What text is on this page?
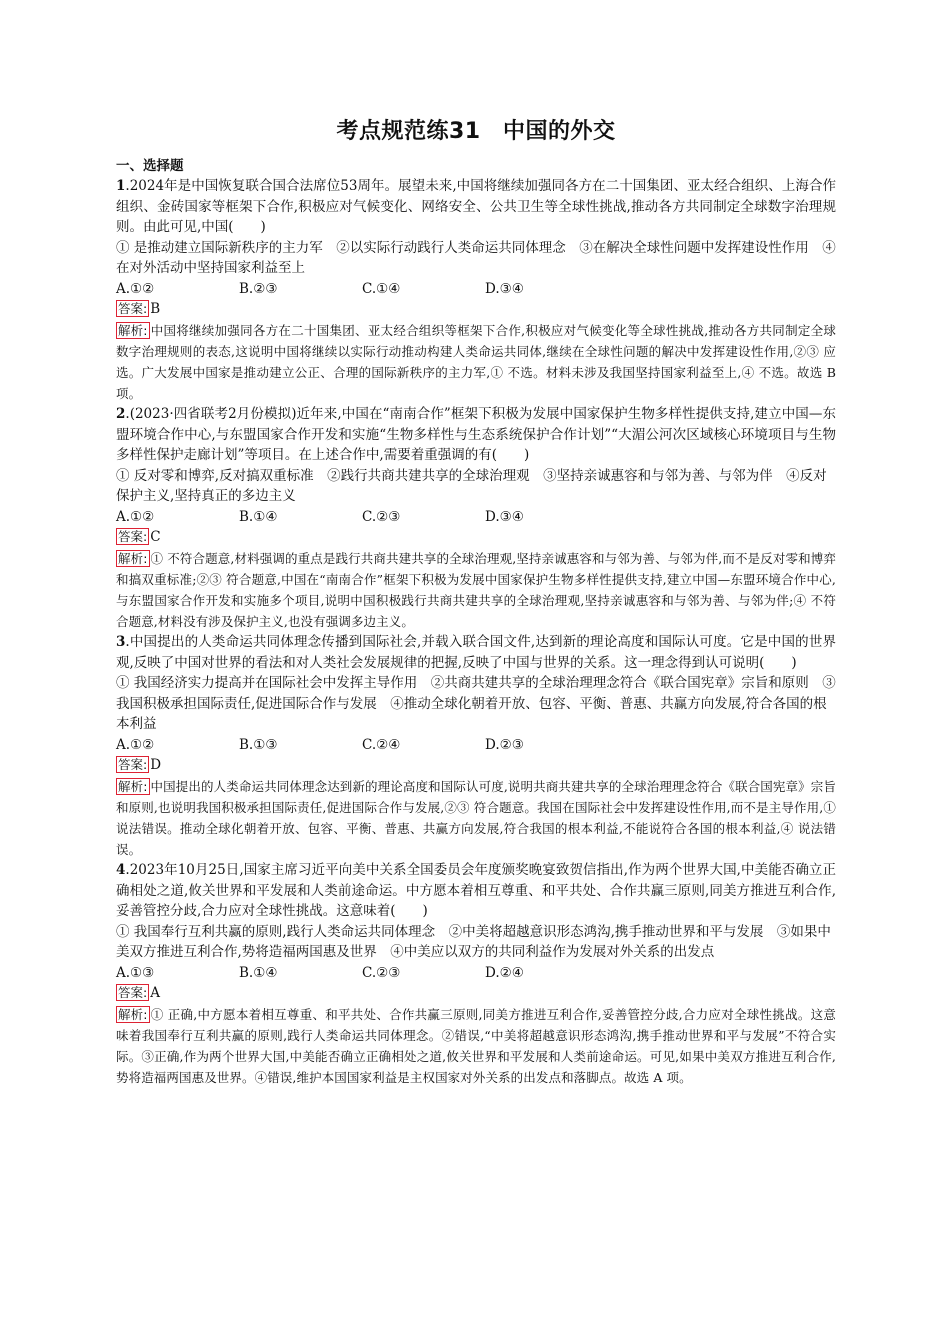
考点规范练31　中国的外交

一、选择题

1.2024年是中国恢复联合国合法席位53周年。展望未来,中国将继续加强同各方在二十国集团、亚太经合组织、上海合作组织、金砖国家等框架下合作,积极应对气候变化、网络安全、公共卫生等全球性挑战,推动各方共同制定全球数字治理规则。由此可见,中国(　　)

① 是推动建立国际新秩序的主力军　②以实际行动践行人类命运共同体理念　③在解决全球性问题中发挥建设性作用　④在对外活动中坚持国家利益至上

A.①②	B.②③	C.①④	D.③④

答案: B

解析: 中国将继续加强同各方在二十国集团、亚太经合组织等框架下合作,积极应对气候变化等全球性挑战,推动各方共同制定全球数字治理规则的表态,这说明中国将继续以实际行动推动构建人类命运共同体,继续在全球性问题的解决中发挥建设性作用,②③ 应选。广大发展中国家是推动建立公正、合理的国际新秩序的主力军,① 不选。材料未涉及我国坚持国家利益至上,④ 不选。故选 B 项。

2.(2023·四省联考2月份模拟)近年来,中国在“南南合作”框架下积极为发展中国家保护生物多样性提供支持,建立中国—东盟环境合作中心,与东盟国家合作开发和实施“生物多样性与生态系统保护合作计划”“大湄公河次区域核心环境项目与生物多样性保护走廊计划”等项目。在上述合作中,需要着重强调的有(　　)

① 反对零和博弈,反对搞双重标准　②践行共商共建共享的全球治理观　③坚持亲诚惠容和与邻为善、与邻为伴　④反对保护主义,坚持真正的多边主义

A.①②	B.①④	C.②③	D.③④

答案: C

解析: ① 不符合题意,材料强调的重点是践行共商共建共享的全球治理观,坚持亲诚惠容和与邻为善、与邻为伴,而不是反对零和博弈和搞双重标准;②③ 符合题意,中国在“南南合作”框架下积极为发展中国家保护生物多样性提供支持,建立中国—东盟环境合作中心,与东盟国家合作开发和实施多个项目,说明中国积极践行共商共建共享的全球治理观,坚持亲诚惠容和与邻为善、与邻为伴;④ 不符合题意,材料没有涉及保护主义,也没有强调多边主义。

3.中国提出的人类命运共同体理念传播到国际社会,并载入联合国文件,达到新的理论高度和国际认可度。它是中国的世界观,反映了中国对世界的看法和对人类社会发展规律的把握,反映了中国与世界的关系。这一理念得到认可说明(　　)

① 我国经济实力提高并在国际社会中发挥主导作用　②共商共建共享的全球治理理念符合《联合国宪章》宗旨和原则　③我国积极承担国际责任,促进国际合作与发展　④推动全球化朝着开放、包容、平衡、普惠、共赢方向发展,符合各国的根本利益

A.①②	B.①③	C.②④	D.②③

答案: D

解析: 中国提出的人类命运共同体理念达到新的理论高度和国际认可度,说明共商共建共享的全球治理理念符合《联合国宪章》宗旨和原则,也说明我国积极承担国际责任,促进国际合作与发展,②③ 符合题意。我国在国际社会中发挥建设性作用,而不是主导作用,① 说法错误。推动全球化朝着开放、包容、平衡、普惠、共赢方向发展,符合我国的根本利益,不能说符合各国的根本利益,④ 说法错误。

4.2023年10月25日,国家主席习近平向美中关系全国委员会年度颁奖晚宴致贺信指出,作为两个世界大国,中美能否确立正确相处之道,攸关世界和平发展和人类前途命运。中方愿本着相互尊重、和平共处、合作共赢三原则,同美方推进互利合作,妥善管控分歧,合力应对全球性挑战。这意味着(　　)

① 我国奉行互利共赢的原则,践行人类命运共同体理念　②中美将超越意识形态鸿沟,携手推动世界和平与发展　③如果中美双方推进互利合作,势将造福两国惠及世界　④中美应以双方的共同利益作为发展对外关系的出发点

A.①③	B.①④	C.②③	D.②④

答案: A

解析: ① 正确,中方愿本着相互尊重、和平共处、合作共赢三原则,同美方推进互利合作,妥善管控分歧,合力应对全球性挑战。这意味着我国奉行互利共赢的原则,践行人类命运共同体理念。②错误,“中美将超越意识形态鸿沟,携手推动世界和平与发展”不符合实际。③正确,作为两个世界大国,中美能否确立正确相处之道,攸关世界和平发展和人类前途命运。可见,如果中美双方推进互利合作,势将造福两国惠及世界。④错误,维护本国国家利益是主权国家对外关系的出发点和落脚点。故选 A 项。
